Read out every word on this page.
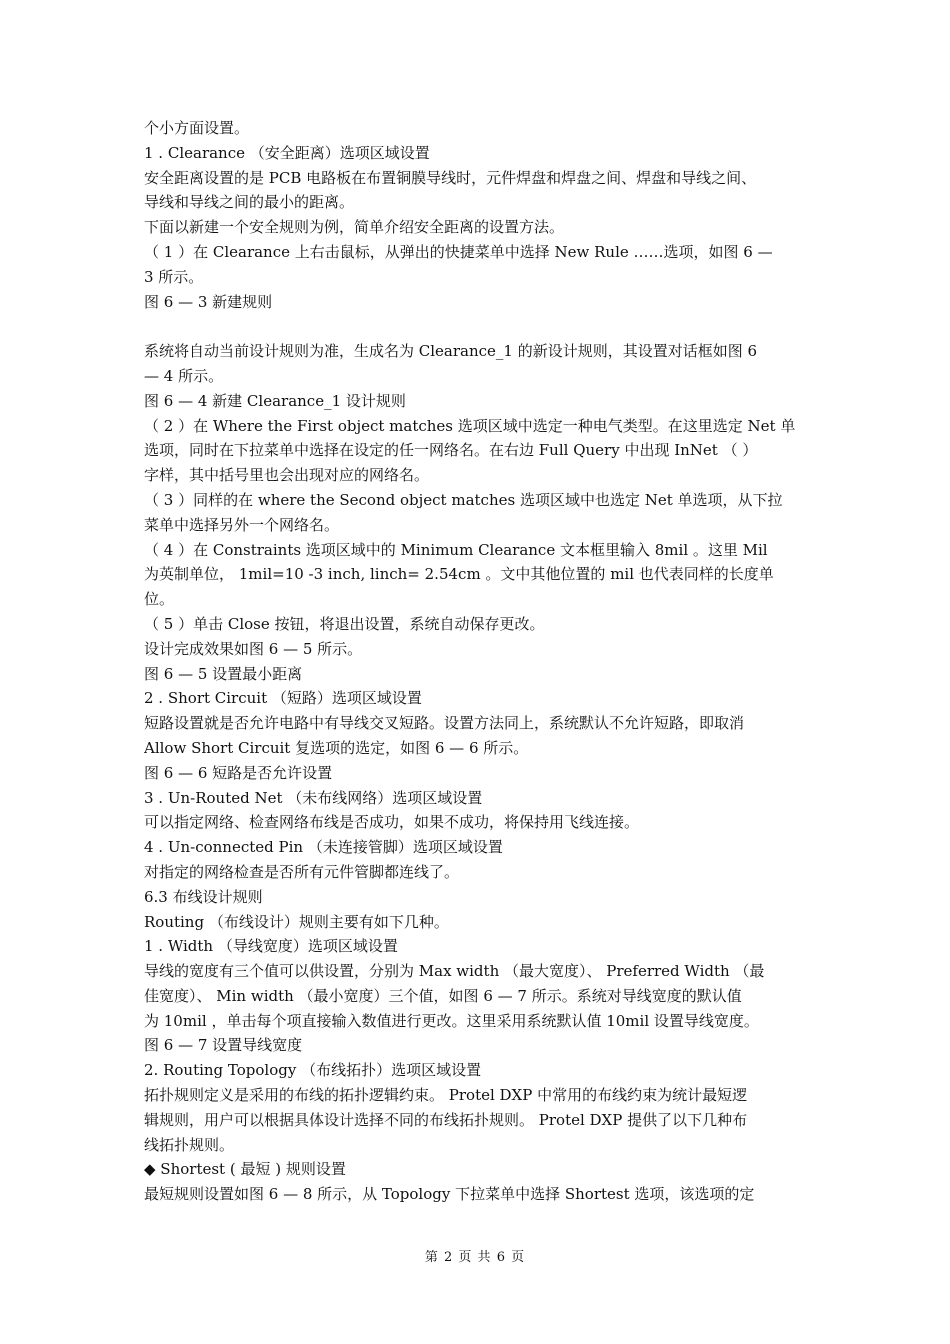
个小方面设置。
1 . Clearance （安全距离）选项区域设置
安全距离设置的是 PCB 电路板在布置铜膜导线时，元件焊盘和焊盘之间、焊盘和导线之间、
导线和导线之间的最小的距离。
下面以新建一个安全规则为例，简单介绍安全距离的设置方法。
（ 1 ）在 Clearance 上右击鼠标，从弹出的快捷菜单中选择 New Rule ……选项，如图 6 —
3 所示。
图 6 — 3 新建规则
系统将自动当前设计规则为准，生成名为 Clearance_1 的新设计规则，其设置对话框如图 6
— 4 所示。
图 6 — 4 新建 Clearance_1 设计规则
（ 2 ）在 Where the First object matches 选项区域中选定一种电气类型。在这里选定 Net 单
选项，同时在下拉菜单中选择在设定的任一网络名。在右边 Full Query 中出现 InNet （ ）
字样，其中括号里也会出现对应的网络名。
（ 3 ）同样的在 where the Second object matches 选项区域中也选定 Net 单选项，从下拉
菜单中选择另外一个网络名。
（ 4 ）在 Constraints 选项区域中的 Minimum Clearance 文本框里输入 8mil 。这里 Mil
为英制单位， 1mil=10 -3 inch, linch= 2.54cm 。文中其他位置的 mil 也代表同样的长度单
位。
（ 5 ）单击 Close 按钮，将退出设置，系统自动保存更改。
设计完成效果如图 6 — 5 所示。
图 6 — 5 设置最小距离
2 . Short Circuit （短路）选项区域设置
短路设置就是否允许电路中有导线交叉短路。设置方法同上，系统默认不允许短路，即取消
Allow Short Circuit 复选项的选定，如图 6 — 6 所示。
图 6 — 6 短路是否允许设置
3 . Un-Routed Net （未布线网络）选项区域设置
可以指定网络、检查网络布线是否成功，如果不成功，将保持用飞线连接。
4 . Un-connected Pin （未连接管脚）选项区域设置
对指定的网络检查是否所有元件管脚都连线了。
6.3 布线设计规则
Routing （布线设计）规则主要有如下几种。
1 . Width （导线宽度）选项区域设置
导线的宽度有三个值可以供设置，分别为 Max width （最大宽度）、 Preferred Width （最
佳宽度）、 Min width （最小宽度）三个值，如图 6 — 7 所示。系统对导线宽度的默认值
为 10mil ，单击每个项直接输入数值进行更改。这里采用系统默认值 10mil 设置导线宽度。
图 6 — 7 设置导线宽度
2. Routing Topology （布线拓扑）选项区域设置
拓扑规则定义是采用的布线的拓扑逻辑约束。 Protel DXP 中常用的布线约束为统计最短逻
辑规则，用户可以根据具体设计选择不同的布线拓扑规则。 Protel DXP 提供了以下几种布
线拓扑规则。
◆ Shortest ( 最短 ) 规则设置
最短规则设置如图 6 — 8 所示，从 Topology 下拉菜单中选择 Shortest 选项，该选项的定
第 2 页 共 6 页
